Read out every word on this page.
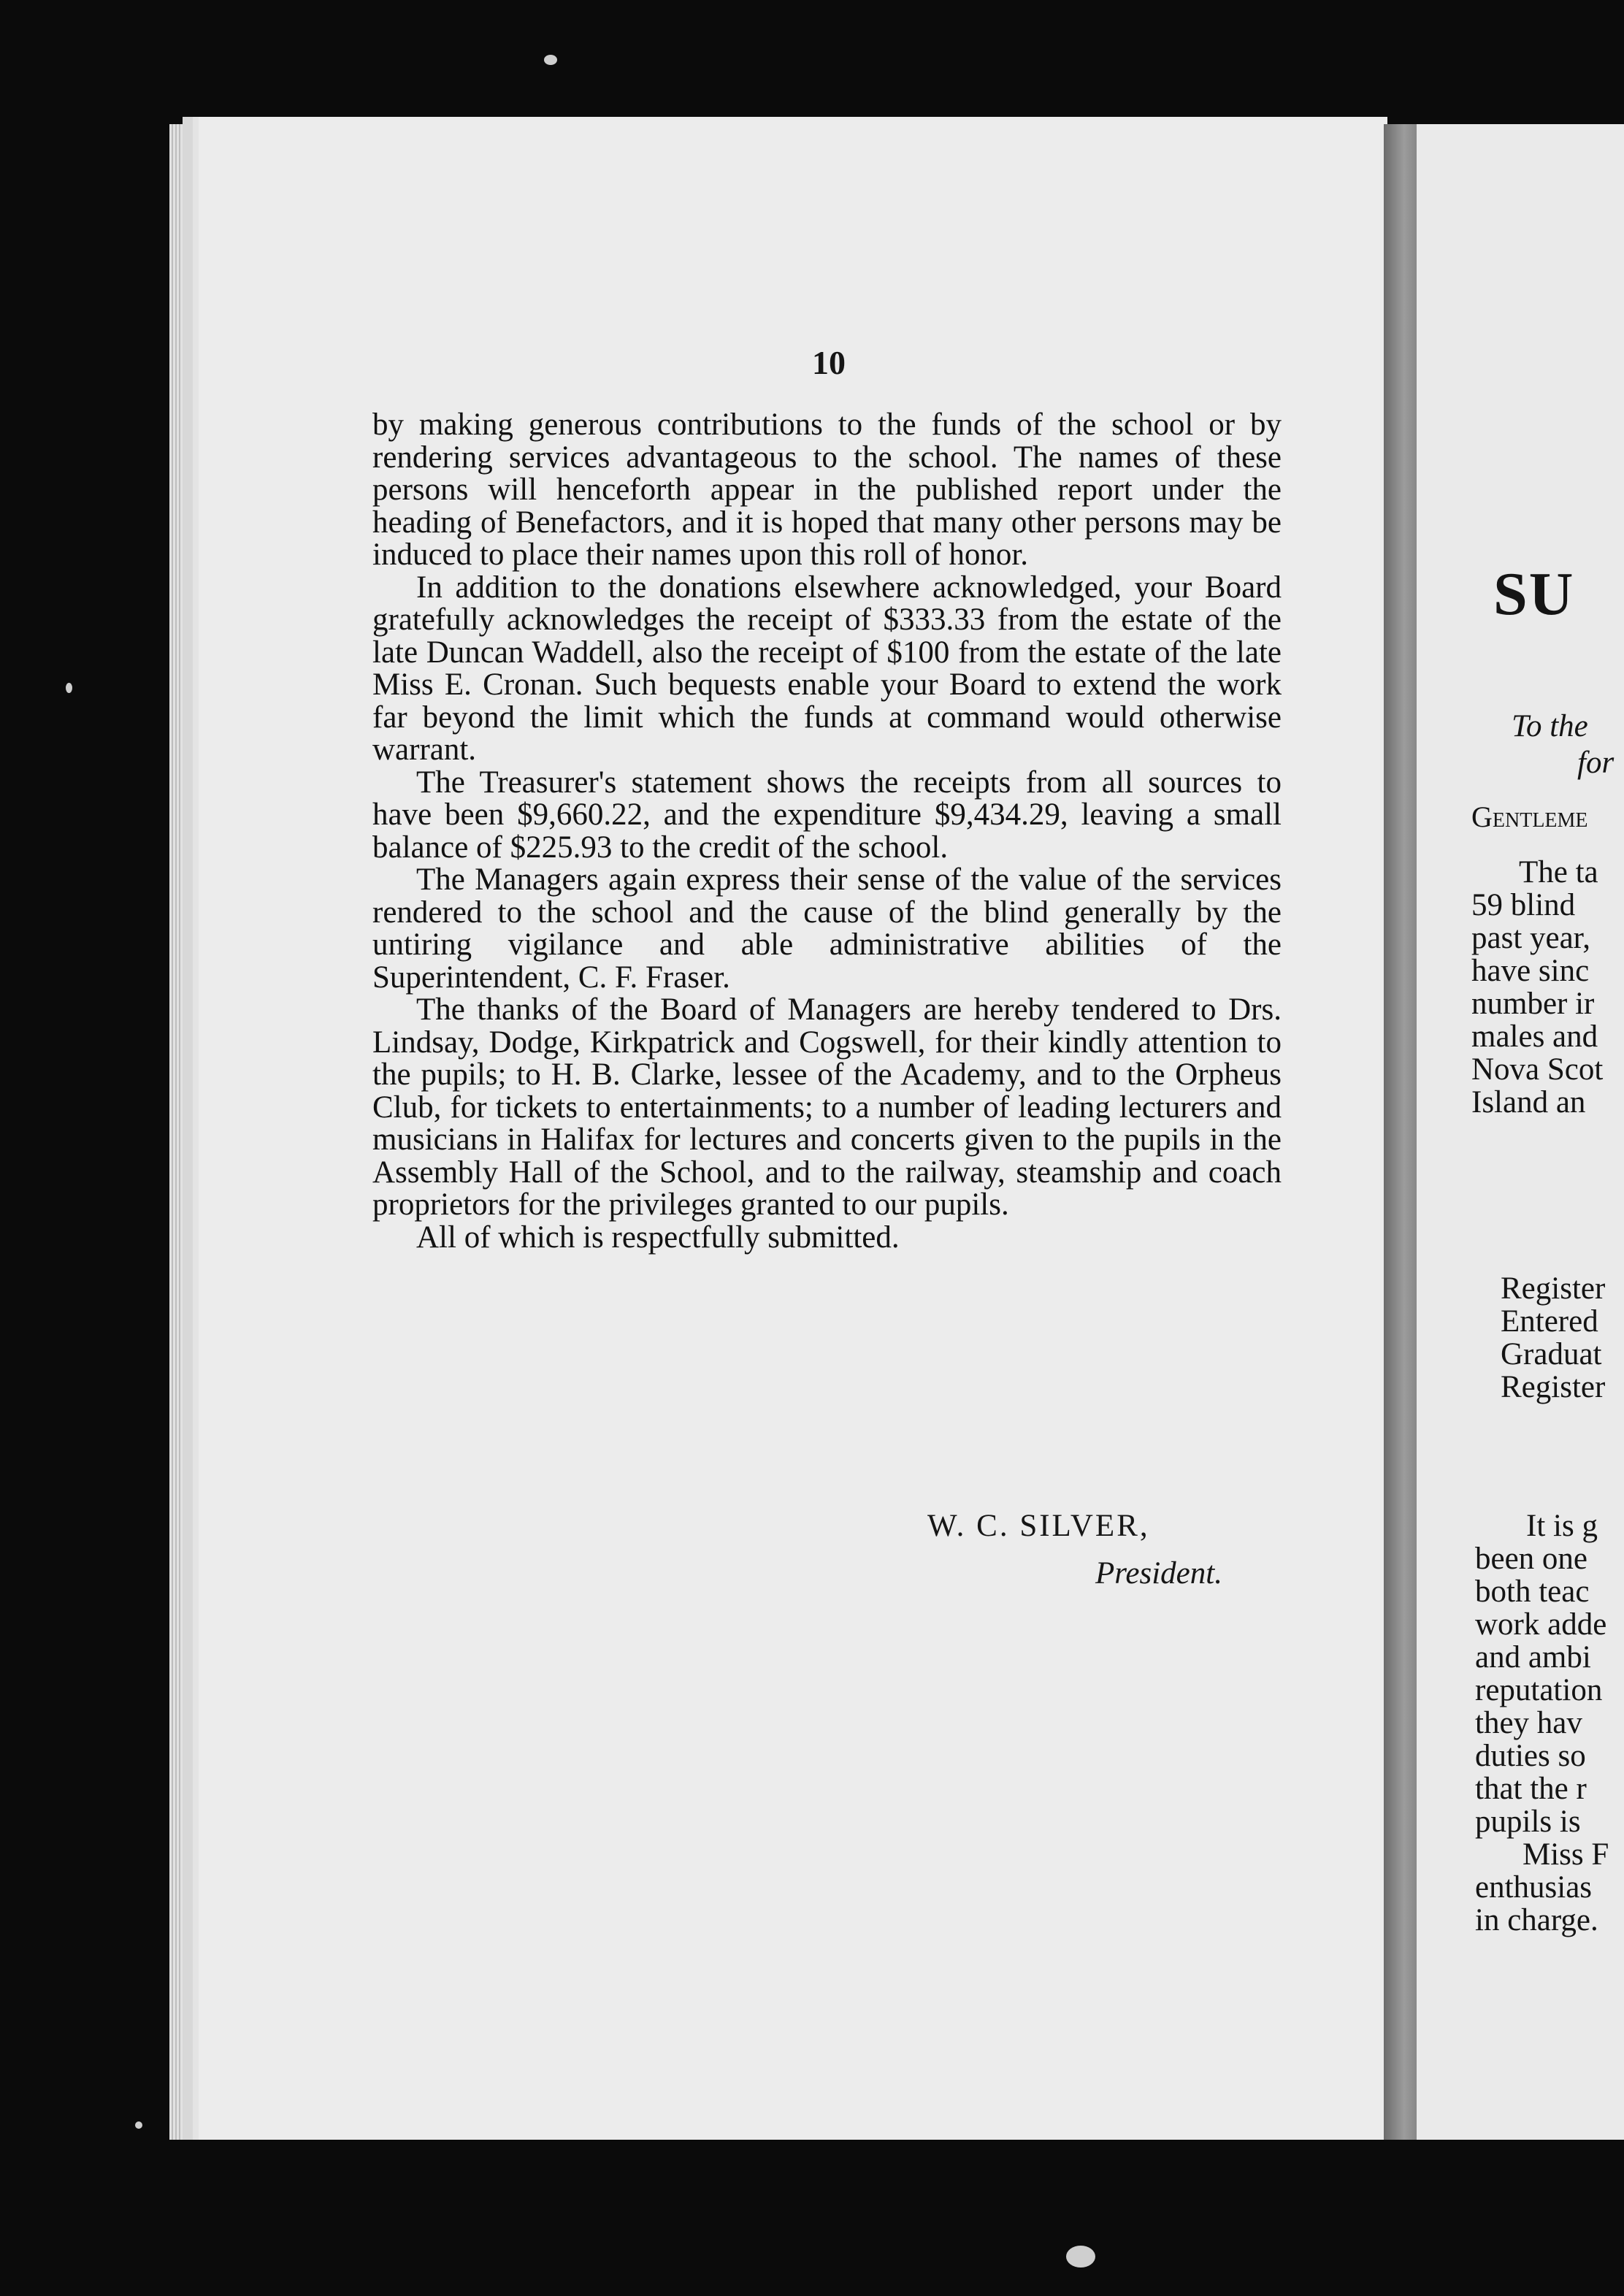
10

by making generous contributions to the funds of the school or by rendering services advantageous to the school. The names of these persons will henceforth appear in the published report under the heading of Benefactors, and it is hoped that many other persons may be induced to place their names upon this roll of honor.

In addition to the donations elsewhere acknowledged, your Board gratefully acknowledges the receipt of $333.33 from the estate of the late Duncan Waddell, also the receipt of $100 from the estate of the late Miss E. Cronan. Such bequests enable your Board to extend the work far beyond the limit which the funds at command would otherwise warrant.

The Treasurer's statement shows the receipts from all sources to have been $9,660.22, and the expenditure $9,434.29, leaving a small balance of $225.93 to the credit of the school.

The Managers again express their sense of the value of the services rendered to the school and the cause of the blind generally by the untiring vigilance and able administrative abilities of the Superintendent, C. F. Fraser.

The thanks of the Board of Managers are hereby tendered to Drs. Lindsay, Dodge, Kirkpatrick and Cogswell, for their kindly attention to the pupils; to H. B. Clarke, lessee of the Academy, and to the Orpheus Club, for tickets to entertainments; to a number of leading lecturers and musicians in Halifax for lectures and concerts given to the pupils in the Assembly Hall of the School, and to the railway, steamship and coach proprietors for the privileges granted to our pupils.

All of which is respectfully submitted.

W. C. SILVER,
President.
SU
To the
for
Gentleme
The ta
59 blind
past year,
have sinc
number ir
males and
Nova Scot
Island an
Register
Entered
Graduat
Register
It is g
been one
both teac
work adde
and ambi
reputation
they hav
duties so
that the r
pupils is
Miss F
enthusias
in charge.
